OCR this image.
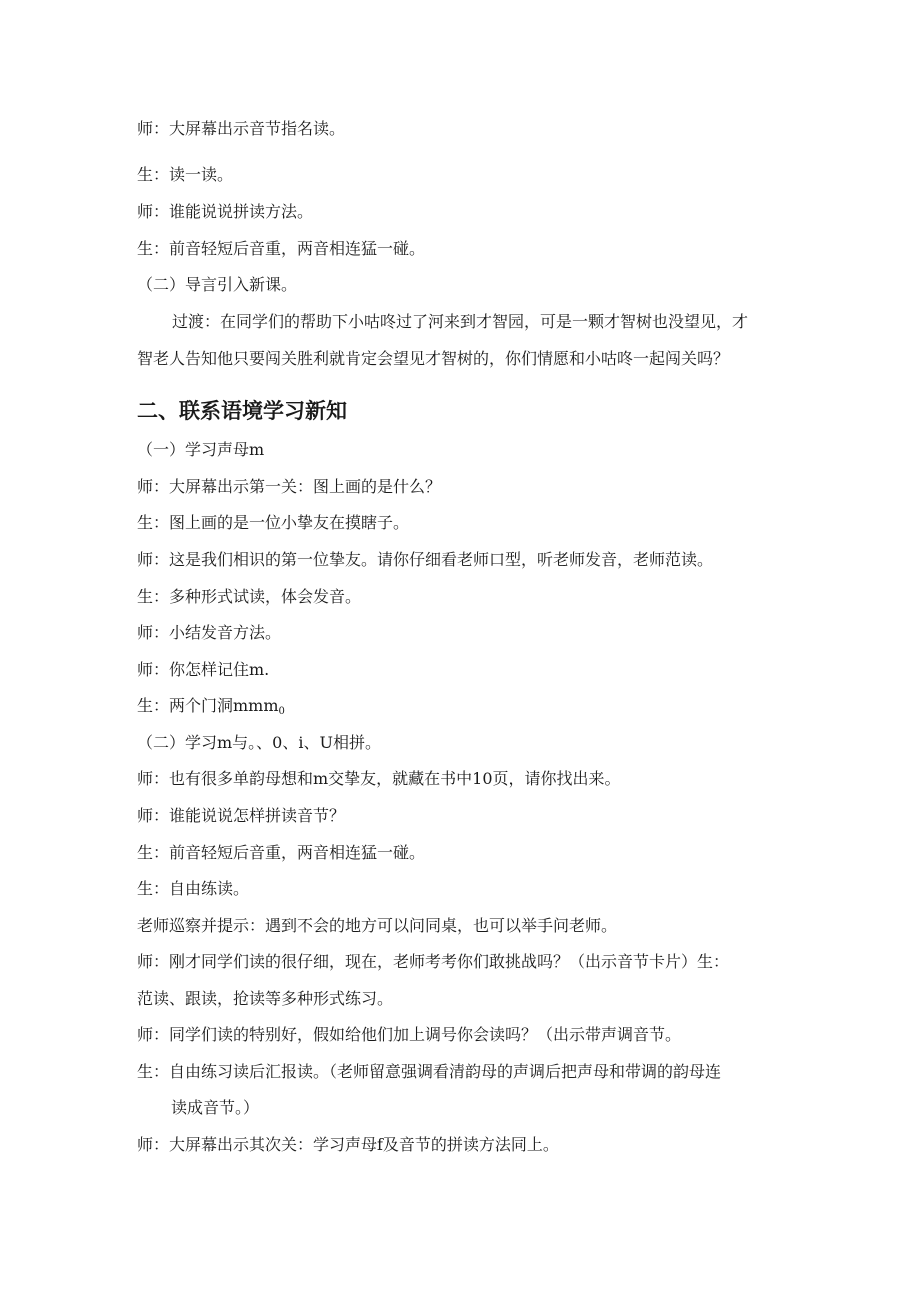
师：大屏幕出示音节指名读。
生：读一读。
师：谁能说说拼读方法。
生：前音轻短后音重，两音相连猛一碰。
（二）导言引入新课。
过渡：在同学们的帮助下小咕咚过了河来到才智园，可是一颗才智树也没望见，才
智老人告知他只要闯关胜利就肯定会望见才智树的，你们情愿和小咕咚一起闯关吗？
二、联系语境学习新知
（一）学习声母m
师：大屏幕出示第一关：图上画的是什么？
生：图上画的是一位小挚友在摸瞎子。
师：这是我们相识的第一位挚友。请你仔细看老师口型，听老师发音，老师范读。
生：多种形式试读，体会发音。
师：小结发音方法。
师：你怎样记住m.
生：两个门洞mmm$_0$
（二）学习m与。、0、i、U相拼。
师：也有很多单韵母想和m交挚友，就藏在书中10页，请你找出来。
师：谁能说说怎样拼读音节？
生：前音轻短后音重，两音相连猛一碰。
生：自由练读。
老师巡察并提示：遇到不会的地方可以问同桌，也可以举手问老师。
师：刚才同学们读的很仔细，现在，老师考考你们敢挑战吗？（出示音节卡片）生：
范读、跟读，抢读等多种形式练习。
师：同学们读的特别好，假如给他们加上调号你会读吗？（出示带声调音节。
生：自由练习读后汇报读。（老师留意强调看清韵母的声调后把声母和带调的韵母连
读成音节。）
师：大屏幕出示其次关：学习声母f及音节的拼读方法同上。
